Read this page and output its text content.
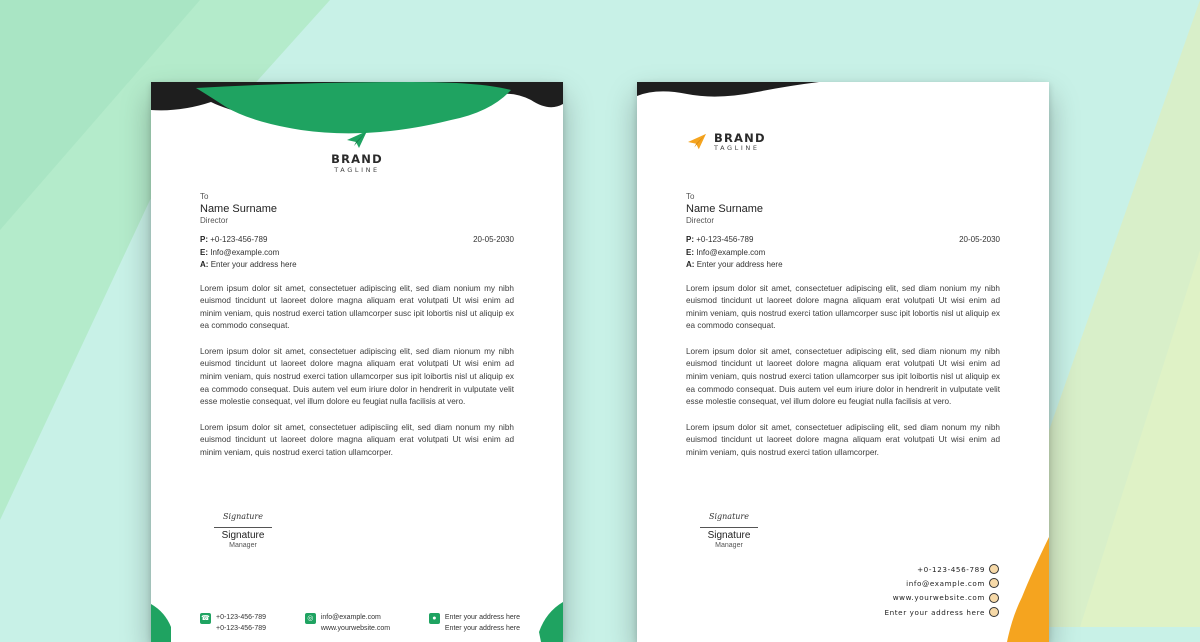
BRAND
TAGLINE
To
Name Surname
Director
P: +0-123-456-789
E: Info@example.com
A: Enter your address here
20-05-2030

Lorem ipsum dolor sit amet, consectetuer adipiscing elit, sed diam nonium my nibh euismod tincidunt ut laoreet dolore magna aliquam erat volutpati Ut wisi enim ad minim veniam, quis nostrud exerci tation ullamcorper susc ipit lobortis nisl ut aliquip ex ea commodo consequat.

Lorem ipsum dolor sit amet, consectetuer adipiscing elit, sed diam nionum my nibh euismod tincidunt ut laoreet dolore magna aliquam erat volutpati Ut wisi enim ad minim veniam, quis nostrud exerci tation ullamcorper sus ipit loibortis nisl ut aliquip ex ea commodo consequat. Duis autem vel eum iriure dolor in hendrerit in vulputate velit esse molestie consequat, vel illum dolore eu feugiat nulla facilisis at vero.

Lorem ipsum dolor sit amet, consectetuer adipisciing elit, sed diam nonum my nibh euismod tincidunt ut laoreet dolore magna aliquam erat volutpati Ut wisi enim ad minim veniam, quis nostrud exerci tation ullamcorper.

Signature
Signature
Manager
☎ +0-123-456-789
+0-123-456-789
◎	info@example.com
www.yourwebsite.com
●	Enter your address here
Enter your address here
BRAND
TAGLINE
To
Name Surname
Director
P: +0-123-456-789
E: Info@example.com
A: Enter your address here
20-05-2030

Lorem ipsum dolor sit amet, consectetuer adipiscing elit, sed diam nonium my nibh euismod tincidunt ut laoreet dolore magna aliquam erat volutpati Ut wisi enim ad minim veniam, quis nostrud exerci tation ullamcorper susc ipit lobortis nisl ut aliquip ex ea commodo consequat.

Lorem ipsum dolor sit amet, consectetuer adipiscing elit, sed diam nionum my nibh euismod tincidunt ut laoreet dolore magna aliquam erat volutpati Ut wisi enim ad minim veniam, quis nostrud exerci tation ullamcorper sus ipit loibortis nisl ut aliquip ex ea commodo consequat. Duis autem vel eum iriure dolor in hendrerit in vulputate velit esse molestie consequat, vel illum dolore eu feugiat nulla facilisis at vero.

Lorem ipsum dolor sit amet, consectetuer adipisciing elit, sed diam nonum my nibh euismod tincidunt ut laoreet dolore magna aliquam erat volutpati Ut wisi enim ad minim veniam, quis nostrud exerci tation ullamcorper.

Signature
Signature
Manager
+0-123-456-789
info@example.com
www.yourwebsite.com
Enter your address here
